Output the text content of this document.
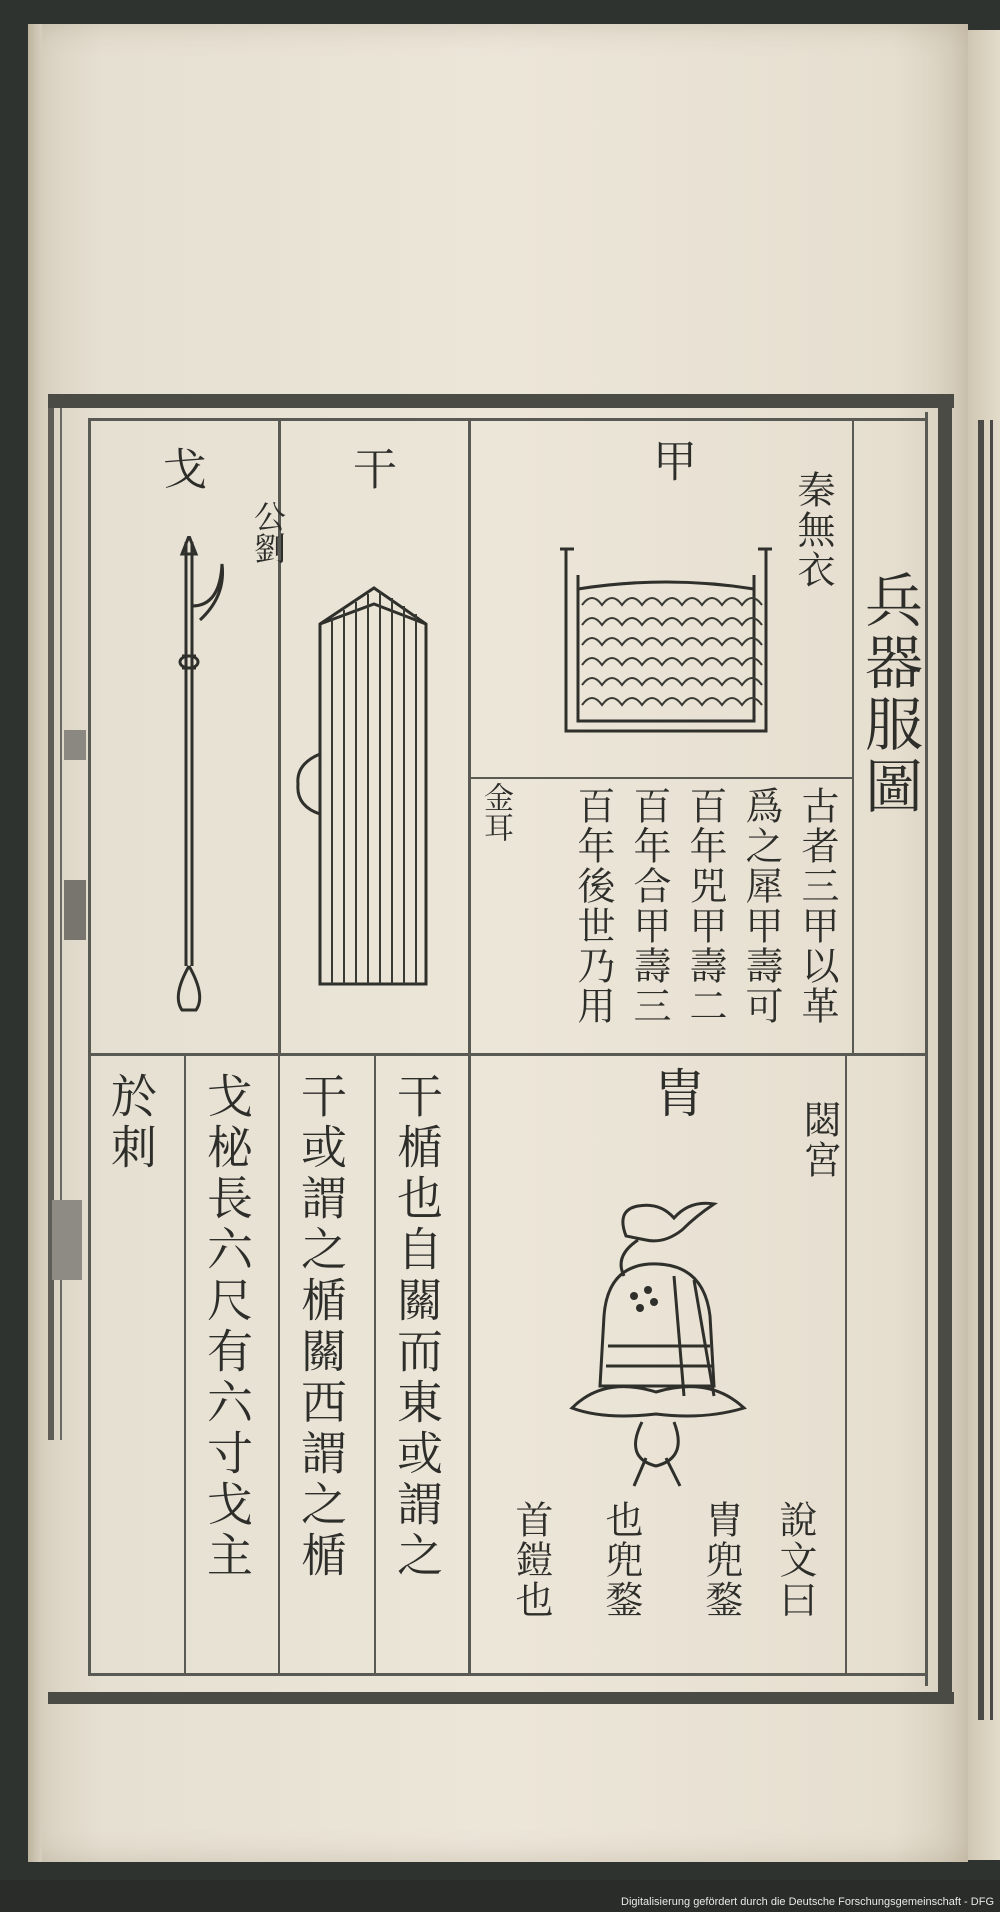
Digitalisierung gefördert durch die Deutsche Forschungsgemeinschaft - DFG
兵器服圖
甲
秦無衣
古者三甲以革
爲之犀甲壽可
百年兕甲壽二
百年合甲壽三
百年後世乃用
金耳
干
公劉
戈
胄
閟宮
說文曰
胄兜鍪
也兜鍪
首鎧也
干楯也自關而東或謂之
干或謂之楯關西謂之楯
戈柲長六尺有六寸戈主
於刺
